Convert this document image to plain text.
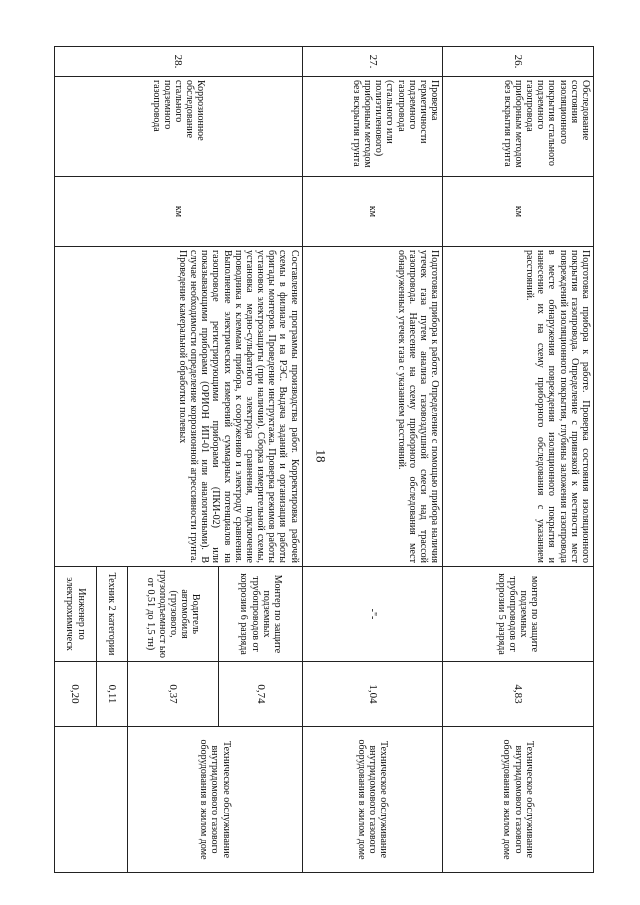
18
26.	Обследование состояния изоляционного покрытия стального подземного газопровода приборным методом без вскрытия грунта	км	Подготовка прибора к работе. Проверка состояния изоляционного покрытия газопровода. Определение с привязкой к местности мест повреждений изоляционного покрытия, глубины заложения газопровода в месте обнаружения повреждения изоляционного покрытия и нанесение их на схему приборного обследования с указанием расстояний.	монтер по защите подземных трубопроводов от коррозии 5 разряда	4,83	Техническое обслуживание внутридомового газового оборудования в жилом доме
27.	Проверка герметичности подземного газопровода (стального или полиэтиленового) приборным методом без вскрытия грунта	км	Подготовка прибора к работе. Определение с помощью прибора наличия утечек газа путем анализа газовоздушной смеси над трассой газопровода. Нанесение на схему приборного обследования мест обнаруженных утечек газа с указанием расстояний.	-"-	1,04	Техническое обслуживание внутридомового газового оборудования в жилом доме
28.	Коррозионное обследование стального подземного газопровода	км	Составление программы производства работ. Корректировка рабочей схемы в филиале и на РЭС. Выдача заданий и организация работы бригады монтеров. Проведение инструктажа. Проверка режимов работы установок электрозащиты (при наличии). Сборка измерительной схемы, установка медно-сульфатного электрода сравнения, подключение проводника к клеммам прибора, к сооружению и электроду сравнения. Выполнение электрических измерений суммарных потенциалов на газопроводе регистрирующими приборами (ПКИ-02) или показывающими приборами (ОРИОН ИП-01 или аналогичными). В случае необходимости определение коррозионной агрессивности грунта. Проведение камеральной обработки полевых	Монтер по защите подземных трубопроводов от коррозии 6 разряда	0,74	Техническое обслуживание внутридомового газового оборудования в жилом доме
				Водитель автомобиля (грузового, грузоподъемност ью от 0,51 до 1,5 тн)	0,37	
				Техник 2 категории	0,11	
				Инженер по электрохимическ	0,20	
